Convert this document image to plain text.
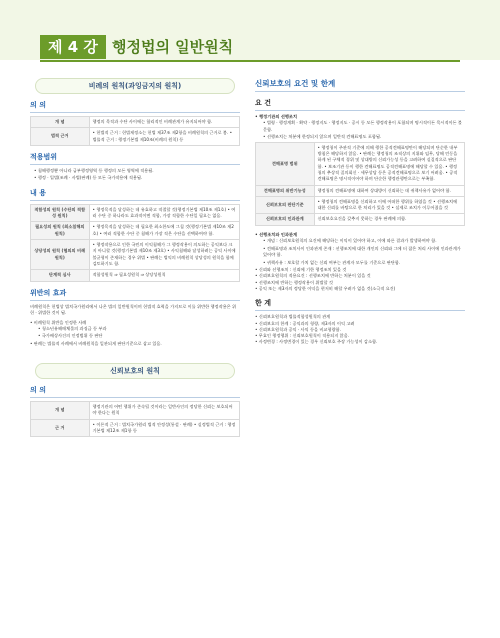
제 4 강 행정법의 일반원칙
비례의 원칙(과잉금지의 원칙)
의 의
개 념	행정의 목적과 수단 사이에는 합리적인 비례관계가 유지되어야 함.
법적 근거	• 헌법적 근거 : 헌법제정소는 헌법 제37조 제2항을 비례원칙의 근거로 봄. • 법률적 근거 : 행정기본법 제10조(비례의 원칙) 등
적용범위
• 침해행정뿐 아니라 급부행정영역 등 행정의 모든 영역에 적용됨.
• 행정 · 입법(조례 · 사법(판례) 등 모든 국가작용에 적용됨.
내 용
적합성의 원칙 (수단의 적합성 원칙)	• 행정목적을 달성하는 데 유효하고 적절할 것(행정기본법 제10조 제1호) • 여러 수단 중 하나라도 효과적이면 적합, 가장 적합한 수단일 필요는 없음.
필요성의 원칙 (최소침해의 원칙)	• 행정목적을 달성하는 데 필요한 최소한도에 그칠 것(행정기본법 제10조 제2호) • 여러 적합한 수단 중 침해가 가장 적은 수단을 선택하여야 함.
상당성의 원칙 (협의의 비례원칙)	• 행정작용으로 인한 국민의 이익침해가 그 행정작용이 의도하는 공익보다 크지 아니할 것(행정기본법 제10조 제3호) • 사익침해와 달성하려는 공익 사이에 불균형이 존재하는 경우 위법 • 판례는 법익의 비례원칙 상당성의 원칙을 함께 검토하기도 함.
단계적 심사	적합성원칙 ⇒ 필요성원칙 ⇒ 상당성원칙
위반의 효과
비례원칙은 헌법상 법치국가원리에서 나온 법의 일반원칙이며 헌법적 효력을 가지므로 이를 위반한 행정작용은 위헌 · 위법한 것이 됨.
• 비례원칙 위반을 인정한 사례
• 청소년유해매체물의 과징금 등 부과
• 국가배상사건의 인정범위 등 판단
• 판례는 법률적 사례에서 비례원칙을 일관되게 판단기준으로 삼고 있음.
신뢰보호의 원칙
의 의
개 념	행정기관의 어떤 행위가 존속될 것이라는 일반사인의 정당한 신뢰는 보호되어야 한다는 원칙
근 거	• 이론적 근거 : 법치국가원리 법적 안정성(통설 · 판례) • 실정법적 근거 : 행정기본법 제12조 제1항 등
신뢰보호의 요건 및 한계
요 건
• 행정기관의 선행조치
• 법령 · 행정계획 · 확약 · 행정지도 · 행정지도 · 공시 등 모든 행정작용이 포함되며 명시적이든 묵시적이든 불문함.
• 선행조치는 처분에 한정되지 않으며 일반적 견해표명도 포함됨.
견해표명 범위	• 행정청이 주관적 기준에 의해 행한 공적견해표명만이 해당되며 단순한 내부 방침은 해당하지 않음. • 판례는 행정청의 조직상의 지위와 임무, 당해 언동을 하게 된 구체적 경위 및 상대방의 신뢰가능성 등을 고려하여 실질적으로 판단함. • 보조기관 등이 행한 견해표명도 공적견해표명에 해당할 수 있음. • 행정청의 추상적 질의회신 · 세무상담 등은 공적견해표명으로 보기 어려움. • 공적견해표명은 명시적이어야 하며 단순한 행정관행만으로는 부족함.
견해표명의 위반기능성	행정청의 견해표명에 대하여 상대방이 신뢰하는 데 귀책사유가 없어야 함.
신뢰보호의 판단기준	• 행정청의 견해표명을 신뢰하고 이에 어떠한 행위를 하였을 것 • 선행조치에 대한 신뢰를 바탕으로 한 처리가 있을 것 • 실제로 조치가 이루어졌을 것
신뢰보호의 인과관계	신뢰보호요건을 갖추지 못하는 경우 판례에 의함.
• 선행조치와 인과관계
• 개념 : 신뢰보호원칙의 요건에 해당하는 이익이 있어야 하고, 이에 따른 결과가 발생하여야 함.
• 견해표명과 조치사이 인과관계 존재 : 선행조치에 대한 개인의 신뢰와 그에 터 잡은 처리 사이에 인과관계가 있어야 함.
• 귀책사유 : 보호할 가치 없는 신뢰 여부는 관계자 모두를 기준으로 판단함.
• 신뢰와 선행조치 : 신뢰에 기한 행정조치 있을 것
• 신뢰보호원칙의 적용요건 : 선행조치에 반하는 처분이 있을 것
• 선행조치에 반하는 행정작용이 위법할 것
• 공익 또는 제3자의 정당한 이익을 현저히 해할 우려가 없을 것(소극적 요건)
한 계
• 신뢰보호원칙과 법률적합성원칙의 관계
• 신뢰보호의 한계 : 공익과의 형량, 제3자의 이익 고려
• 신뢰보호원칙과 공익 · 사익 등을 비교형량함.
• 무효인 행정행위 : 신뢰보호원칙이 적용되지 않음.
• 사정변경 : 사정변경이 있는 경우 신뢰보호 주장 가능성이 감소함.
